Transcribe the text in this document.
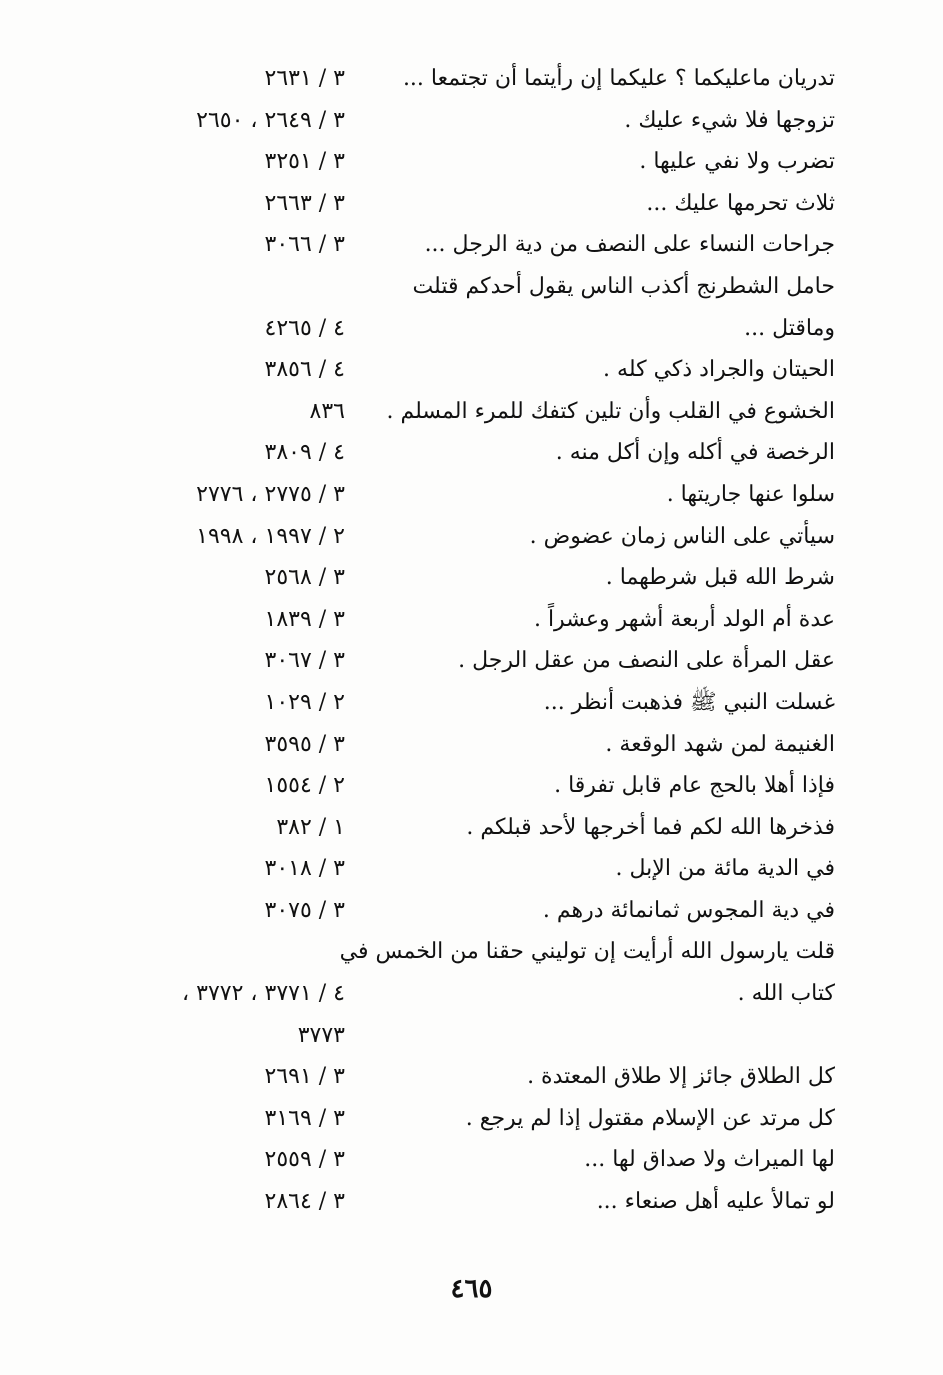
تدريان ماعليكما ؟ عليكما إن رأيتما أن تجتمعا ...
٣ / ٢٦٣١
تزوجها فلا شيء عليك .
٣ / ٢٦٤٩ ، ٢٦٥٠
تضرب ولا نفي عليها .
٣ / ٣٢٥١
ثلاث تحرمها عليك ...
٣ / ٢٦٦٣
جراحات النساء على النصف من دية الرجل ...
٣ / ٣٠٦٦
حامل الشطرنج أكذب الناس يقول أحدكم قتلت
وماقتل ...
٤ / ٤٢٦٥
الحيتان والجراد ذكي كله .
٤ / ٣٨٥٦
الخشوع في القلب وأن تلين كتفك للمرء المسلم .
٨٣٦
الرخصة في أكله وإن أكل منه .
٤ / ٣٨٠٩
سلوا عنها جاريتها .
٣ / ٢٧٧٥ ، ٢٧٧٦
سيأتي على الناس زمان عضوض .
٢ / ١٩٩٧ ، ١٩٩٨
شرط الله قبل شرطهما .
٣ / ٢٥٦٨
عدة أم الولد أربعة أشهر وعشراً .
٣ / ١٨٣٩
عقل المرأة على النصف من عقل الرجل .
٣ / ٣٠٦٧
غسلت النبي ﷺ فذهبت أنظر ...
٢ / ١٠٢٩
الغنيمة لمن شهد الوقعة .
٣ / ٣٥٩٥
فإذا أهلا بالحج عام قابل تفرقا .
٢ / ١٥٥٤
فذخرها الله لكم فما أخرجها لأحد قبلكم .
١ / ٣٨٢
في الدية مائة من الإبل .
٣ / ٣٠١٨
في دية المجوس ثمانمائة درهم .
٣ / ٣٠٧٥
قلت يارسول الله أرأيت إن توليني حقنا من الخمس في
كتاب الله .
٤ / ٣٧٧١ ، ٣٧٧٢ ،
٣٧٧٣
كل الطلاق جائز إلا طلاق المعتدة .
٣ / ٢٦٩١
كل مرتد عن الإسلام مقتول إذا لم يرجع .
٣ / ٣١٦٩
لها الميراث ولا صداق لها ...
٣ / ٢٥٥٩
لو تمالأ عليه أهل صنعاء ...
٣ / ٢٨٦٤
٤٦٥
